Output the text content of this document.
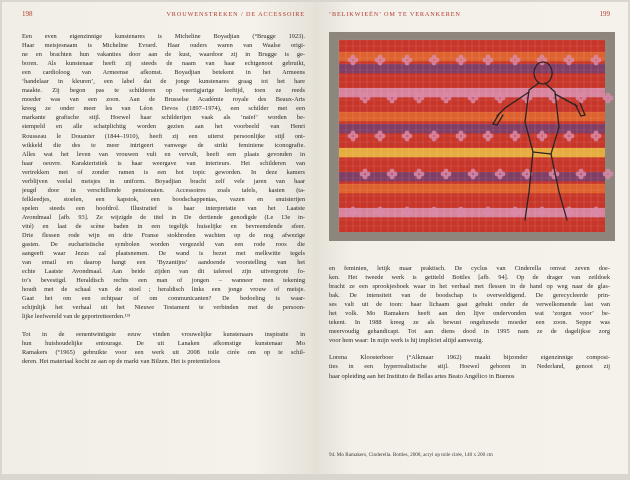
198	VROUWENSTREKEN / DE ACCESSOIRE

Een even eigenzinnige kunstenares is Micheline Boyadjian (°Brugge 1923).
Haar meisjesnaam is Micheline Evrard. Haar ouders waren van Waalse origi-
ne en brachten hun vakanties door aan de kust, waardoor zij in Brugge is ge-
boren. Als kunstenaar heeft zij steeds de naam van haar echtgenoot gebruikt,
een cardioloog van Armeense afkomst. Boyadjian betekent in het Armeens
‘handelaar in kleuren’, een label dat de jonge kunstenares graag tot het hare
maakte. Zij begon pas te schilderen op veertigjarige leeftijd, toen ze reeds
moeder was van een zoon. Aan de Brusselse Académie royale des Beaux-Arts
kreeg ze onder meer les van Léon Devos (1897–1974), een schilder met een
markante grafische stijl. Hoewel haar schilderijen vaak als ‘naïef’ worden be-
stempeld en alle schatplichtig worden gezien aan het voorbeeld van Henri
Rousseau le Douanier (1844–1910), heeft zij een uiterst persoonlijke stijl ont-
wikkeld die des te meer intrigeert vanwege de strikt feminiene iconografie.
Alles wat het leven van vrouwen vult en vervult, heeft een plaats gevonden in
haar oeuvre. Karakteristiek is haar weergave van interieurs. Het schilderen van
vertrekken met of zonder ramen is een hot topic geworden. In deze kamers
verblijven veelal meisjes in uniform. Boyadjian bracht zelf vele jaren van haar
jeugd door in verschillende pensionaten. Accessoires zoals tafels, kasten (ta-
felkleedjes, stoelen, een kapstok, een boodschappentas, vazen en snuisterijen
spelen steeds een hoofdrol. Illustratief is haar interpretatie van het Laatste
Avondmaal [afb. 93]. Ze wijzigde de titel in De dertiende genodigde (Le 13e in-
vité) en laat de scène baden in een tegelijk huiselijke en bevreemdende sfeer.
Drie flessen rode wijn en drie Franse stokbroden wachten op de nog afwezige
gasten. De eucharistische symbolen worden vergezeld van een rode roos die
aangeeft waar Jezus zal plaatsnemen. De wand is bezet met melkwitte tegels
van email en daarop hangt een ‘Byzantijns’ aandoende voorstelling van het
echte Laatste Avondmaal. Aan beide zijden van dit tafereel zijn uitvergrote fo-
to’s bevestigd. Heraldisch rechts een man of jongen – wanneer men tekening
houdt met de schaal van de stoel ; heraldisch links een jonge vrouw of meisje.
Gaat het om een echtpaar of om communicanten? De bedoeling is waar-
schijnlijk het verhaal uit het Nieuwe Testament te verbinden met de persoon-
lijke leefwereld van de geportretteerden.¹³¹

Tot in de eenentwintigste eeuw vinden vrouwelijke kunstenaars inspiratie in
hun huishoudelijke entourage. De uit Lanaken afkomstige kunstenaar Mo
Ramakers (°1965) gebruikte voor een werk uit 2008 toile cirée om op te schil-
deren. Het materiaal kocht ze aan op de markt van Bilzen. Het is pretentieloos

‘BELIKWIEËN’ OM TE VERANKEREN	199

en feminien, letijk maar praktisch. De cyclus van Cinderella omvat zeven doe-
ken. Het tweede werk is getiteld Bottles [afb. 94]. Op de drager van zeildoek
bracht ze een sprookjesboek waar in het verhaal met flessen in de hand op weg naar de glas-
bak. De intensiteit van de boodschap is overweldigend. De gerecycleerde prin-
ses valt uit de toon: haar lichaam gaat gebukt onder de verwelkomende last van
het volk. Mo Ramakers heeft aan den lijve ondervonden wat ‘zorgen voor’ be-
tekent. In 1988 kreeg ze als bewust ongehuwde moeder een zoon. Seppe was
meervoudig gehandicapt. Tot aan diens dood in 1995 nam ze de dagelijkse zorg
voor hem waar: In mijn werk is hij impliciet altijd aanwezig.

Lorena Kloosterboer (°Alkmaar 1962) maakt bijzonder eigenzinnige composi-
ties in een hyperrealistische stijl. Hoewel geboren in Nederland, genoot zij
haar opleiding aan het Instituto de Bellas artes Beato Angélico in Buenos

94. Mo Ramakers, Cinderella. Bottles, 2008, acryl op toile cirée, 140 x 200 cm
